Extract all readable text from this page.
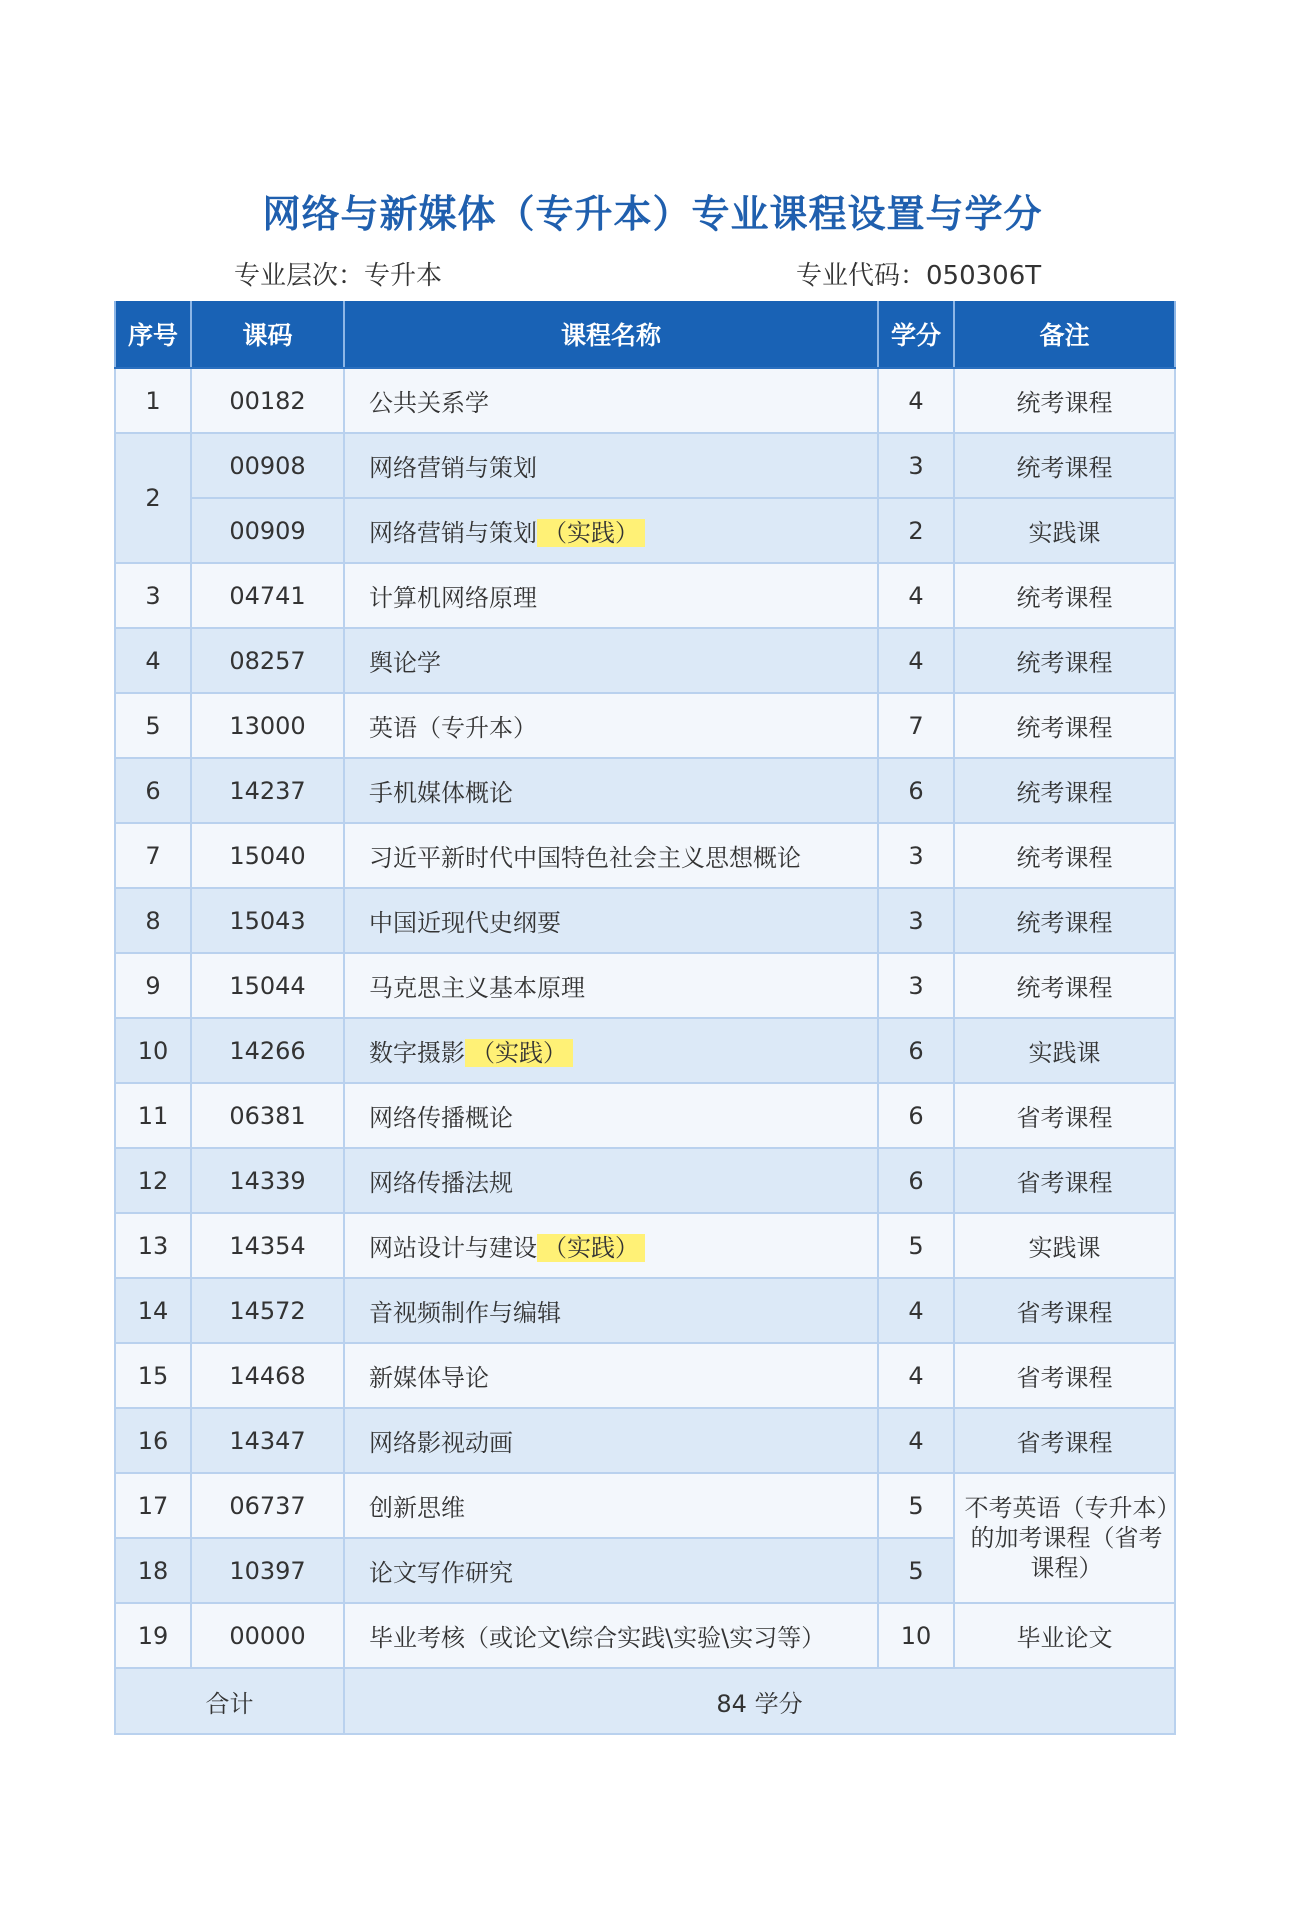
网络与新媒体（专升本）专业课程设置与学分
专业层次：专升本	专业代码：050306T
序号	课码	课程名称	学分	备注
1	00182	公共关系学	4	统考课程
2	00908	网络营销与策划	3	统考课程
	00909	网络营销与策划 （实践）	2	实践课
3	04741	计算机网络原理	4	统考课程
4	08257	舆论学	4	统考课程
5	13000	英语（专升本）	7	统考课程
6	14237	手机媒体概论	6	统考课程
7	15040	习近平新时代中国特色社会主义思想概论	3	统考课程
8	15043	中国近现代史纲要	3	统考课程
9	15044	马克思主义基本原理	3	统考课程
10	14266	数字摄影 （实践）	6	实践课
11	06381	网络传播概论	6	省考课程
12	14339	网络传播法规	6	省考课程
13	14354	网站设计与建设 （实践）	5	实践课
14	14572	音视频制作与编辑	4	省考课程
15	14468	新媒体导论	4	省考课程
16	14347	网络影视动画	4	省考课程
17	06737	创新思维	5	不考英语（专升本）的加考课程（省考课程）
18	10397	论文写作研究	5	
19	00000	毕业考核（或论文\综合实践\实验\实习等）	10	毕业论文
合计		84 学分		
